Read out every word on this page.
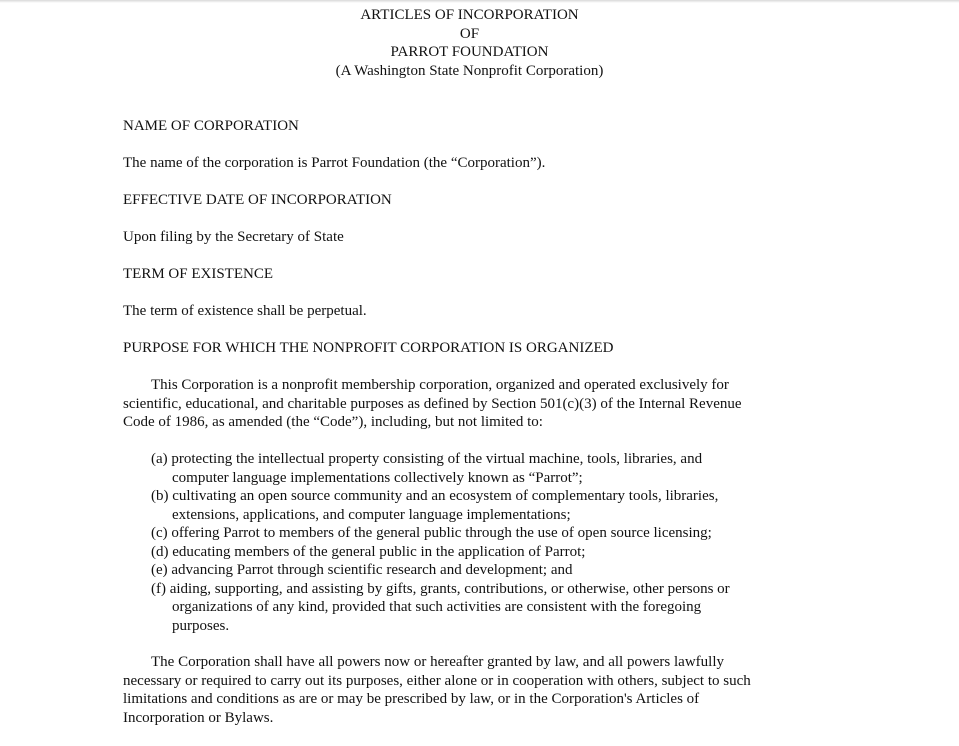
ARTICLES OF INCORPORATION
OF
PARROT FOUNDATION
(A Washington State Nonprofit Corporation)
NAME OF CORPORATION
The name of the corporation is Parrot Foundation (the “Corporation”).
EFFECTIVE DATE OF INCORPORATION
Upon filing by the Secretary of State
TERM OF EXISTENCE
The term of existence shall be perpetual.
PURPOSE FOR WHICH THE NONPROFIT CORPORATION IS ORGANIZED
This Corporation is a nonprofit membership corporation, organized and operated exclusively for
scientific, educational, and charitable purposes as defined by Section 501(c)(3) of the Internal Revenue
Code of 1986, as amended (the “Code”), including, but not limited to:
(a) protecting the intellectual property consisting of the virtual machine, tools, libraries, and
computer language implementations collectively known as “Parrot”;
(b) cultivating an open source community and an ecosystem of complementary tools, libraries,
extensions, applications, and computer language implementations;
(c) offering Parrot to members of the general public through the use of open source licensing;
(d) educating members of the general public in the application of Parrot;
(e) advancing Parrot through scientific research and development; and
(f) aiding, supporting, and assisting by gifts, grants, contributions, or otherwise, other persons or
organizations of any kind, provided that such activities are consistent with the foregoing
purposes.
The Corporation shall have all powers now or hereafter granted by law, and all powers lawfully
necessary or required to carry out its purposes, either alone or in cooperation with others, subject to such
limitations and conditions as are or may be prescribed by law, or in the Corporation's Articles of
Incorporation or Bylaws.
